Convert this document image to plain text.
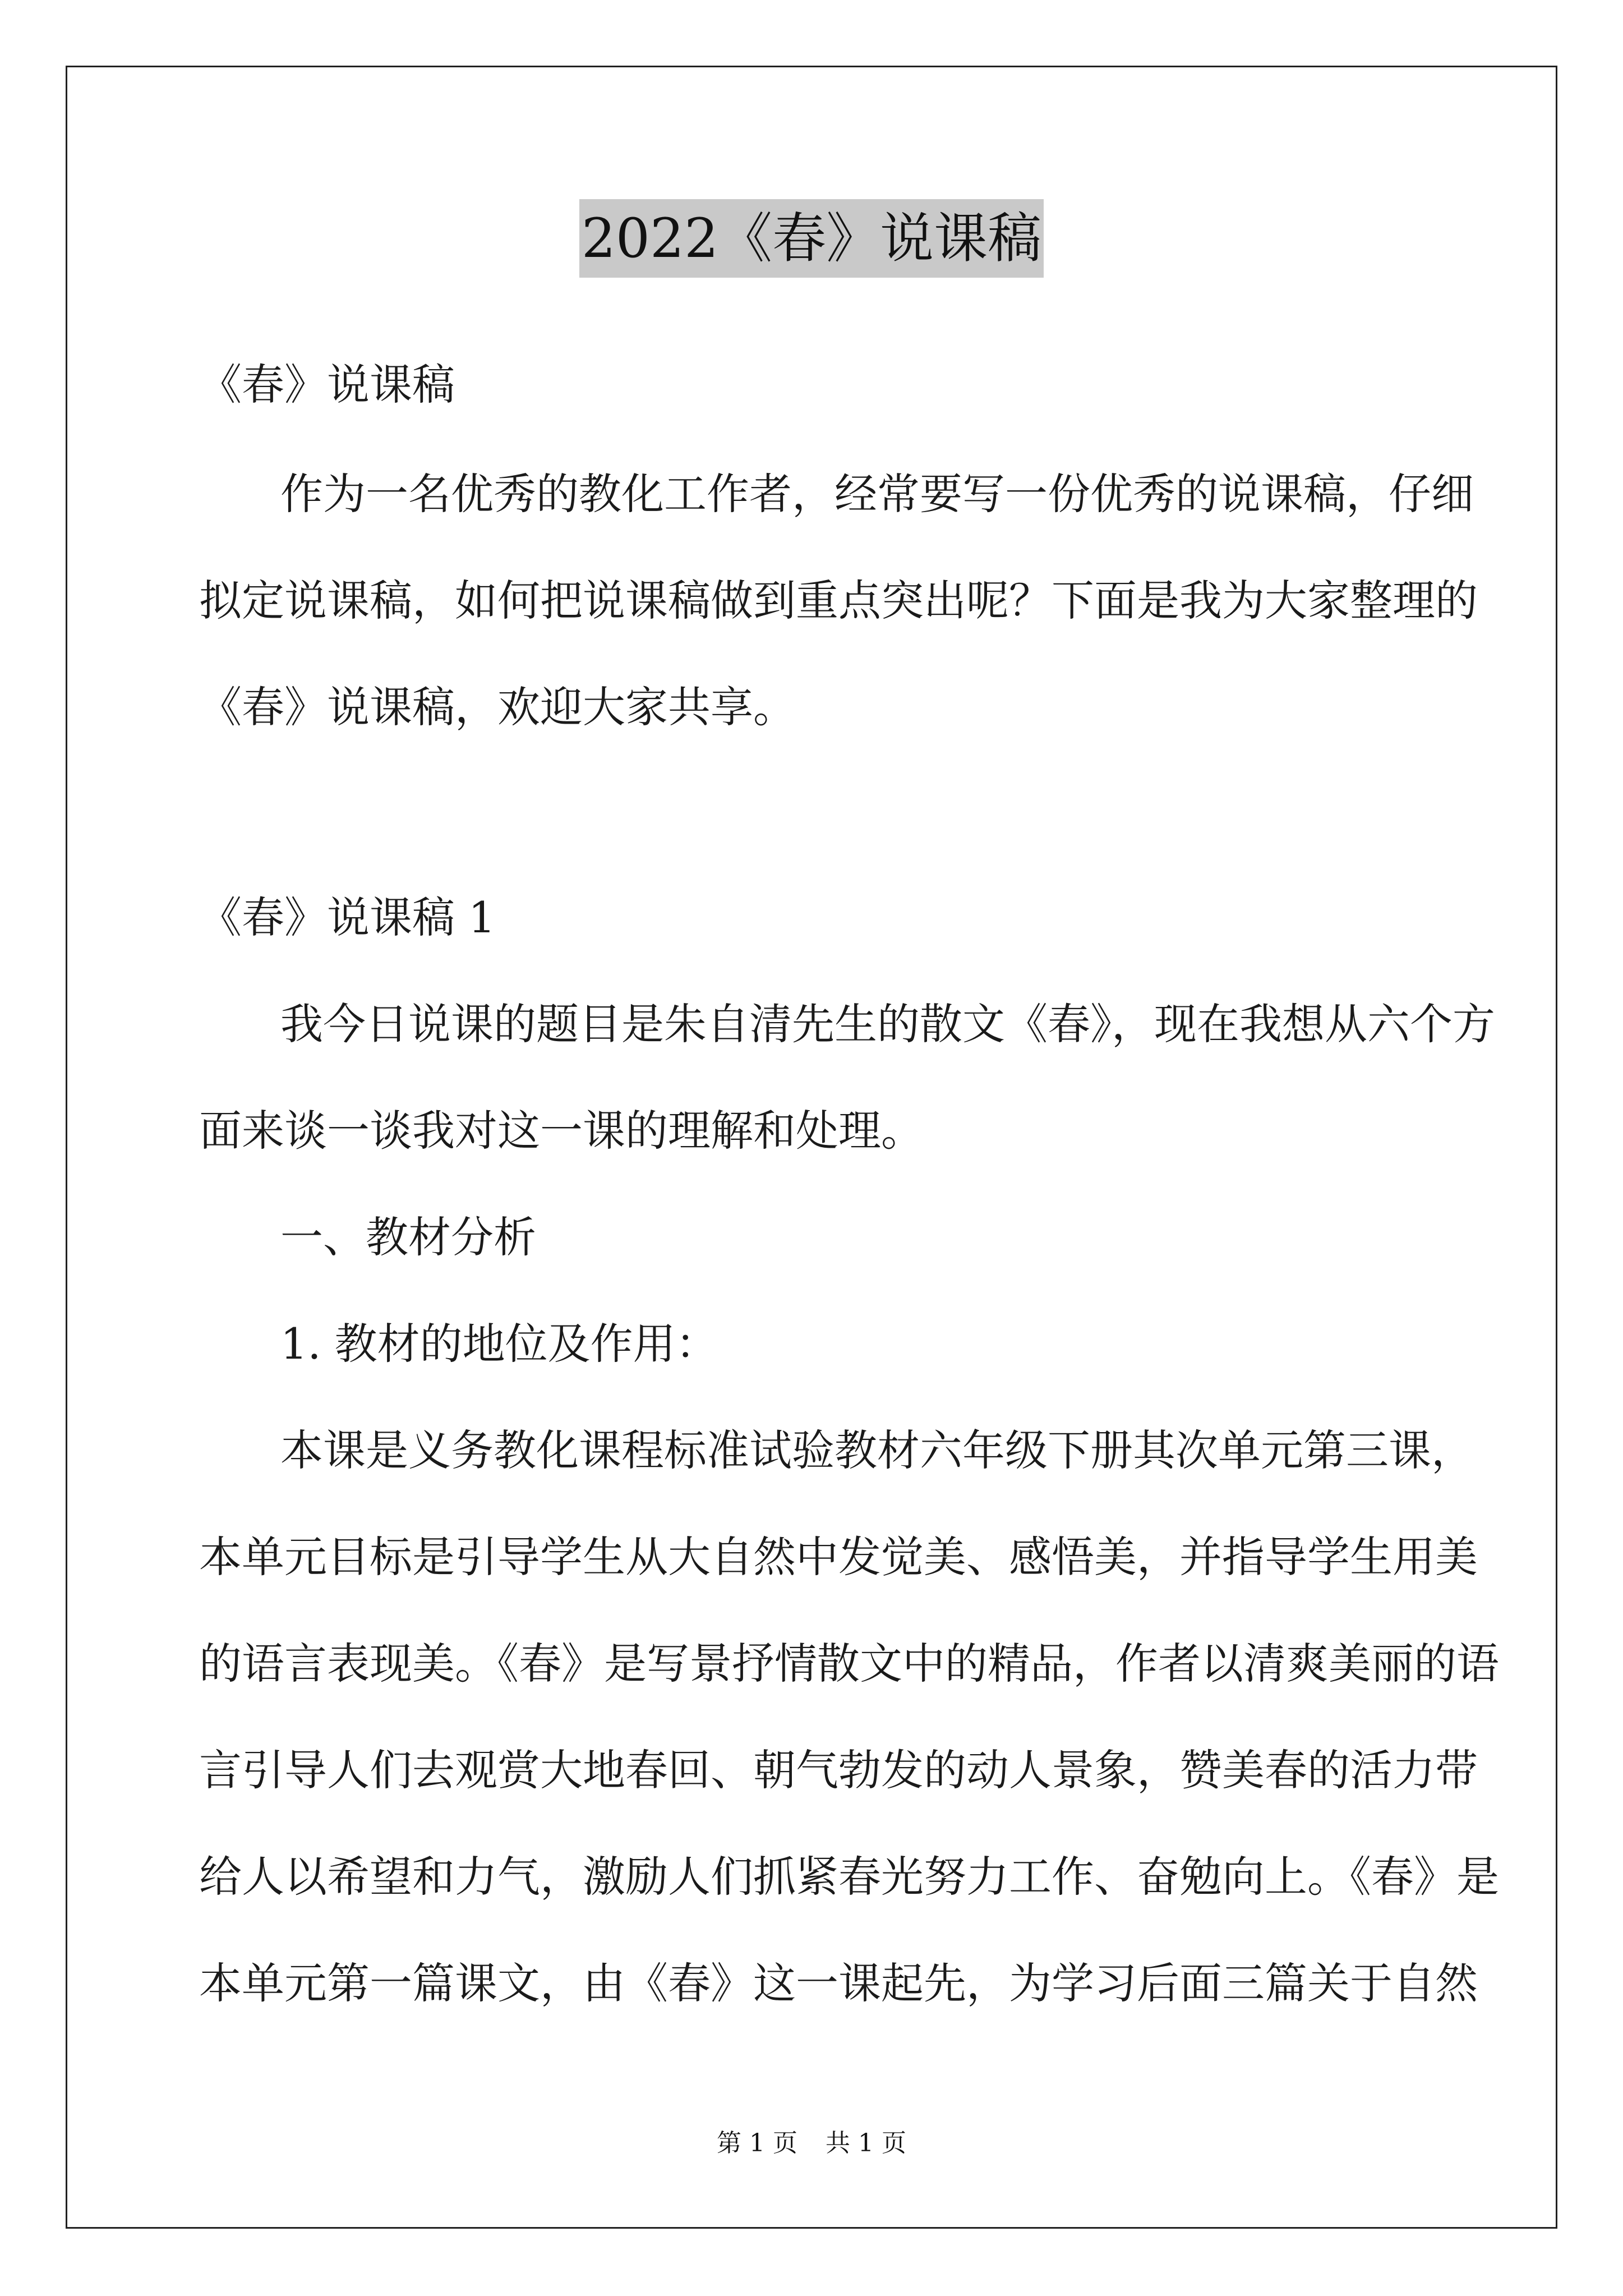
2022《春》说课稿
《春》说课稿
作为一名优秀的教化工作者，经常要写一份优秀的说课稿，仔细
拟定说课稿，如何把说课稿做到重点突出呢？下面是我为大家整理的
《春》说课稿，欢迎大家共享。
《春》说课稿 1
我今日说课的题目是朱自清先生的散文《春》，现在我想从六个方
面来谈一谈我对这一课的理解和处理。
一、教材分析
1. 教材的地位及作用：
本课是义务教化课程标准试验教材六年级下册其次单元第三课，
本单元目标是引导学生从大自然中发觉美、感悟美，并指导学生用美
的语言表现美。《春》是写景抒情散文中的精品，作者以清爽美丽的语
言引导人们去观赏大地春回、朝气勃发的动人景象，赞美春的活力带
给人以希望和力气，激励人们抓紧春光努力工作、奋勉向上。《春》是
本单元第一篇课文，由《春》这一课起先，为学习后面三篇关于自然
第 1 页 共 1 页
